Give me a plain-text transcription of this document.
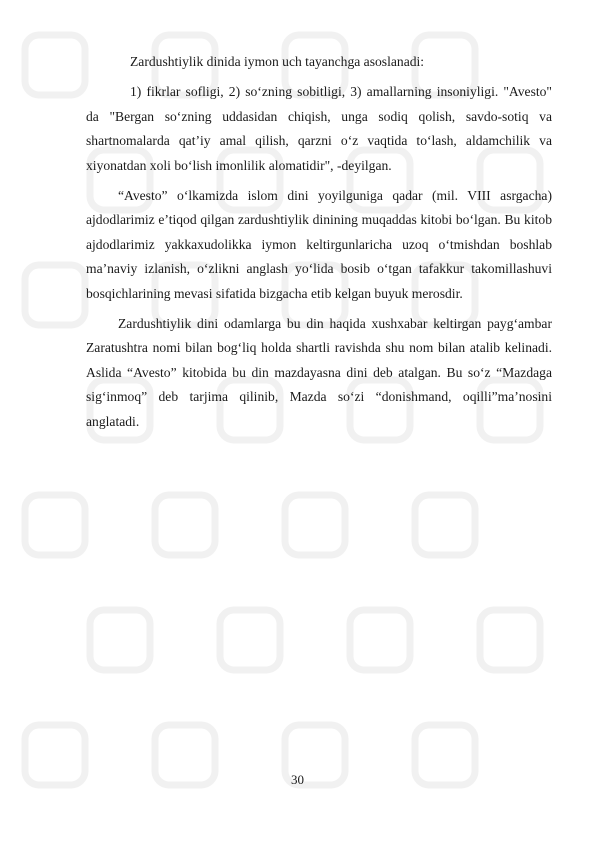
Zardushtiylik dinida iymon uch tayanchga asoslanadi:

1) fikrlar sofligi, 2) so‘zning sobitligi, 3) amallarning insoniyligi. "Avesto" da "Bergan so‘zning uddasidan chiqish, unga sodiq qolish, savdo-sotiq va shartnomalarda qat’iy amal qilish, qarzni o‘z vaqtida to‘lash, aldamchilik va xiyonatdan xoli bo‘lish imonlilik alomatidir", -deyilgan.

“Avesto” o‘lkamizda islom dini yoyilguniga qadar (mil. VIII asrgacha) ajdodlarimiz e’tiqod qilgan zardushtiylik dinining muqaddas kitobi bo‘lgan. Bu kitob ajdodlarimiz yakkaxudolikka iymon keltirgunlaricha uzoq o‘tmishdan boshlab ma’naviy izlanish, o‘zlikni anglash yo‘lida bosib o‘tgan tafakkur takomillashuvi bosqichlarining mevasi sifatida bizgacha etib kelgan buyuk merosdir.

Zardushtiylik dini odamlarga bu din haqida xushxabar keltirgan payg‘ambar Zaratushtra nomi bilan bog‘liq holda shartli ravishda shu nom bilan atalib kelinadi. Aslida “Avesto” kitobida bu din mazdayasna dini deb atalgan. Bu so‘z “Mazdaga sig‘inmoq” deb tarjima qilinib, Mazda so‘zi “donishmand, oqilli”ma’nosini anglatadi.

30
